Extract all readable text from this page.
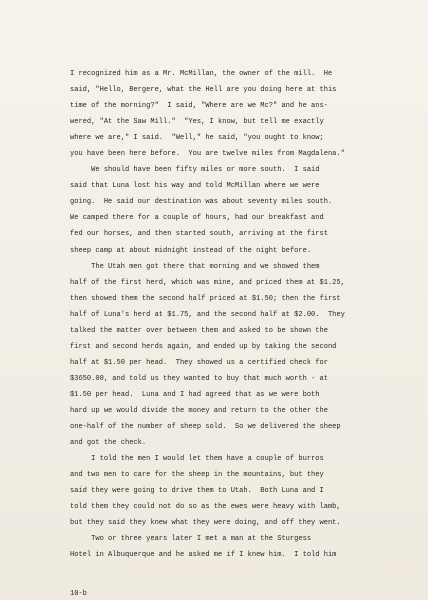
I recognized him as a Mr. McMillan, the owner of the mill.  He

said, "Hello, Bergere, what the Hell are you doing here at this

time of the morning?"  I said, "Where are we Mc?" and he ans-

wered, "At the Saw Mill."  "Yes, I know, but tell me exactly

where we are," I said.  "Well," he said, "you ought to know;

you have been here before.  You are twelve miles from Magdalena."

We should have been fifty miles or more south.  I said

said that Luna lost his way and told McMillan where we were

going.  He said our destination was about seventy miles south.

We camped there for a couple of hours, had our breakfast and

fed our horses, and then started south, arriving at the first

sheep camp at about midnight instead of the night before.

The Utah men got there that morning and we showed them

half of the first herd, which was mine, and priced them at $1.25,

then showed them the second half priced at $1.50; then the first

half of Luna's herd at $1.75, and the second half at $2.00.  They

talked the matter over between them and asked to be shown the

first and second herds again, and ended up by taking the second

half at $1.50 per head.  They showed us a certified check for

$3650.00, and told us they wanted to buy that much worth - at

$1.50 per head.  Luna and I had agreed that as we were both

hard up we would divide the money and return to the other the

one-half of the number of sheep sold.  So we delivered the sheep

and got the check.

I told the men I would let them have a couple of burros

and two men to care for the sheep in the mountains, but they

said they were going to drive them to Utah.  Both Luna and I

told them they could not do so as the ewes were heavy with lamb,

but they said they knew what they were doing, and off they went.

Two or three years later I met a man at the Sturgess

Hotel in Albuquerque and he asked me if I knew him.  I told him

10-b
